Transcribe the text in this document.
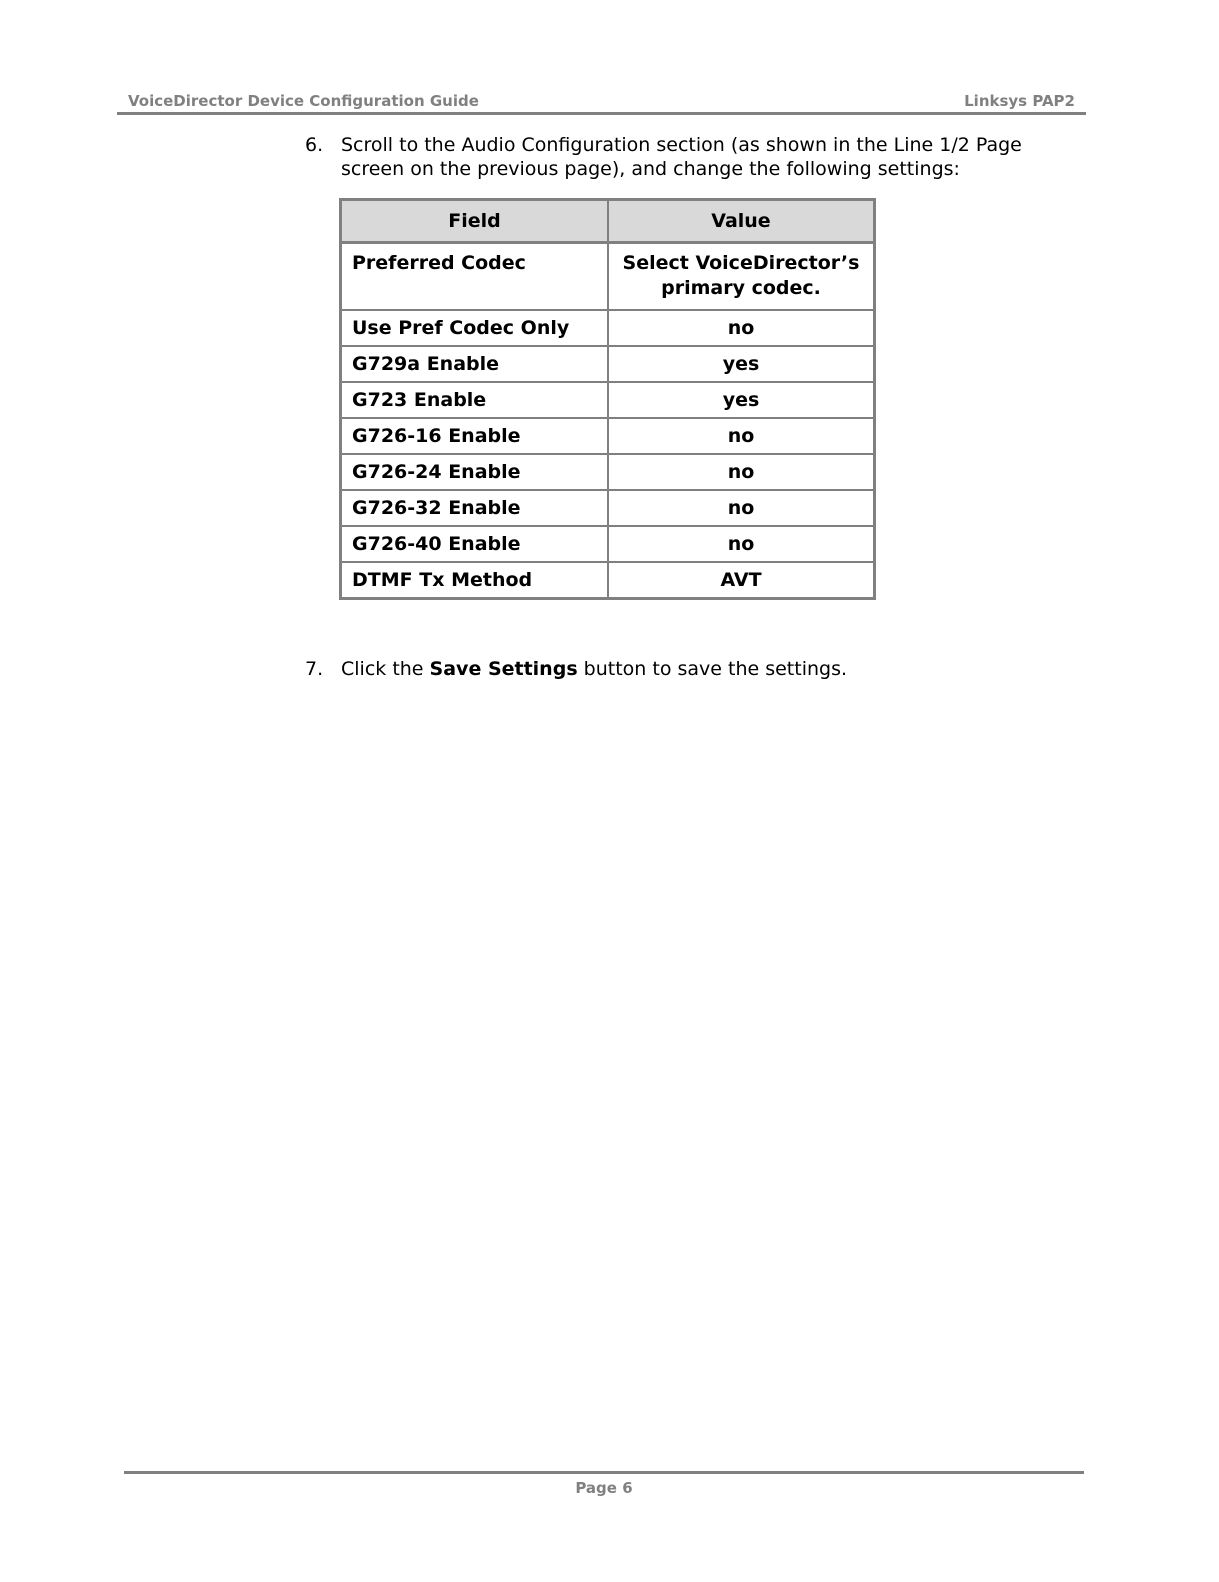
VoiceDirector Device Configuration Guide	Linksys PAP2
6. Scroll to the Audio Configuration section (as shown in the Line 1/2 Page screen on the previous page), and change the following settings:
Field	Value
Preferred Codec	Select VoiceDirector’s primary codec.
Use Pref Codec Only	no
G729a Enable	yes
G723 Enable	yes
G726-16 Enable	no
G726-24 Enable	no
G726-32 Enable	no
G726-40 Enable	no
DTMF Tx Method	AVT
7. Click the Save Settings button to save the settings.
Page 6
